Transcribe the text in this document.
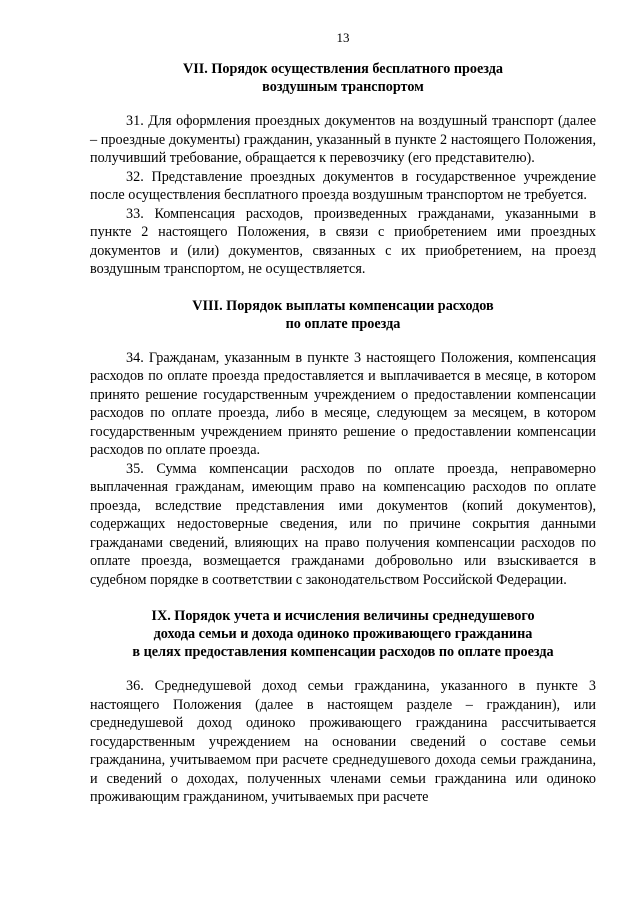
13
VII. Порядок осуществления бесплатного проезда
воздушным транспортом

31. Для оформления проездных документов на воздушный транспорт (далее – проездные документы) гражданин, указанный в пункте 2 настоящего Положения, получивший требование, обращается к перевозчику (его представителю).

32. Представление проездных документов в государственное учреждение после осуществления бесплатного проезда воздушным транспортом не требуется.

33. Компенсация расходов, произведенных гражданами, указанными в пункте 2 настоящего Положения, в связи с приобретением ими проездных документов и (или) документов, связанных с их приобретением, на проезд воздушным транспортом, не осуществляется.

VIII. Порядок выплаты компенсации расходов
по оплате проезда

34. Гражданам, указанным в пункте 3 настоящего Положения, компенсация расходов по оплате проезда предоставляется и выплачивается в месяце, в котором принято решение государственным учреждением о предоставлении компенсации расходов по оплате проезда, либо в месяце, следующем за месяцем, в котором государственным учреждением принято решение о предоставлении компенсации расходов по оплате проезда.

35. Сумма компенсации расходов по оплате проезда, неправомерно выплаченная гражданам, имеющим право на компенсацию расходов по оплате проезда, вследствие представления ими документов (копий документов), содержащих недостоверные сведения, или по причине сокрытия данными гражданами сведений, влияющих на право получения компенсации расходов по оплате проезда, возмещается гражданами добровольно или взыскивается в судебном порядке в соответствии с законодательством Российской Федерации.

IX. Порядок учета и исчисления величины среднедушевого
дохода семьи и дохода одиноко проживающего гражданина
в целях предоставления компенсации расходов по оплате проезда

36. Среднедушевой доход семьи гражданина, указанного в пункте 3 настоящего Положения (далее в настоящем разделе – гражданин), или среднедушевой доход одиноко проживающего гражданина рассчитывается государственным учреждением на основании сведений о составе семьи гражданина, учитываемом при расчете среднедушевого дохода семьи гражданина, и сведений о доходах, полученных членами семьи гражданина или одиноко проживающим гражданином, учитываемых при расчете
